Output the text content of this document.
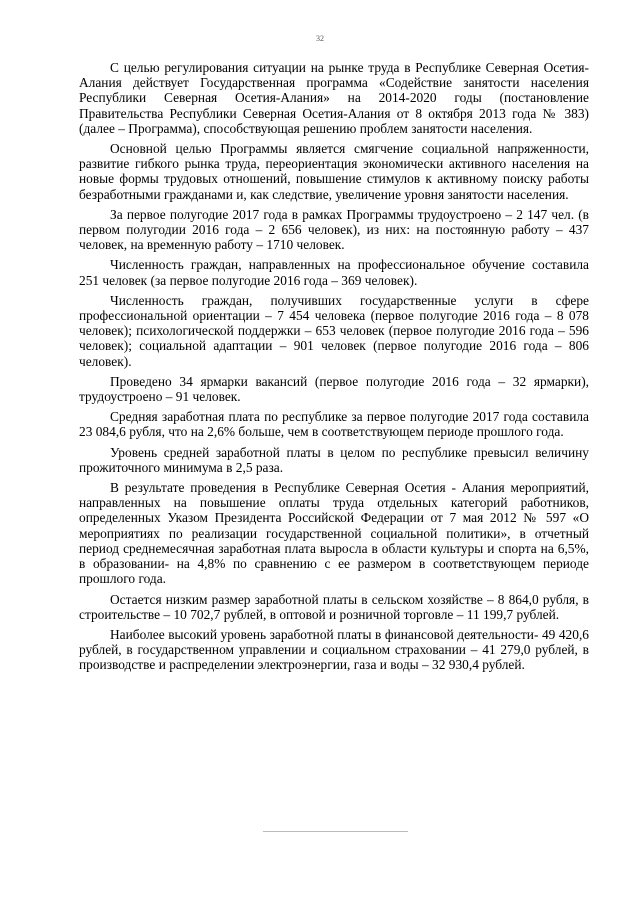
32

С целью регулирования ситуации на рынке труда в Республике Северная Осетия-Алания действует Государственная программа «Содействие занятости населения Республики Северная Осетия-Алания» на 2014-2020 годы (постановление Правительства Республики Северная Осетия-Алания от 8 октября 2013 года № 383) (далее – Программа), способствующая решению проблем занятости населения.

Основной целью Программы является смягчение социальной напряженности, развитие гибкого рынка труда, переориентация экономически активного населения на новые формы трудовых отношений, повышение стимулов к активному поиску работы безработными гражданами и, как следствие, увеличение уровня занятости населения.

За первое полугодие 2017 года в рамках Программы трудоустроено – 2 147 чел. (в первом полугодии 2016 года – 2 656 человек), из них: на постоянную работу – 437 человек, на временную работу – 1710 человек.

Численность граждан, направленных на профессиональное обучение составила 251 человек (за первое полугодие 2016 года – 369 человек).

Численность граждан, получивших государственные услуги в сфере профессиональной ориентации – 7 454 человека (первое полугодие 2016 года – 8 078 человек); психологической поддержки – 653 человек (первое полугодие 2016 года – 596 человек); социальной адаптации – 901 человек (первое полугодие 2016 года – 806 человек).

Проведено 34 ярмарки вакансий (первое полугодие 2016 года – 32 ярмарки), трудоустроено – 91 человек.

Средняя заработная плата по республике за первое полугодие 2017 года составила 23 084,6 рубля, что на 2,6% больше, чем в соответствующем периоде прошлого года.

Уровень средней заработной платы в целом по республике превысил величину прожиточного минимума в 2,5 раза.

В результате проведения в Республике Северная Осетия - Алания мероприятий, направленных на повышение оплаты труда отдельных категорий работников, определенных Указом Президента Российской Федерации от 7 мая 2012 № 597 «О мероприятиях по реализации государственной социальной политики», в отчетный период среднемесячная заработная плата выросла в области культуры и спорта на 6,5%, в образовании- на 4,8% по сравнению с ее размером в соответствующем периоде прошлого года.

Остается низким размер заработной платы в сельском хозяйстве – 8 864,0 рубля, в строительстве – 10 702,7 рублей, в оптовой и розничной торговле – 11 199,7 рублей.

Наиболее высокий уровень заработной платы в финансовой деятельности- 49 420,6 рублей, в государственном управлении и социальном страховании – 41 279,0 рублей, в производстве и распределении электроэнергии, газа и воды – 32 930,4 рублей.
